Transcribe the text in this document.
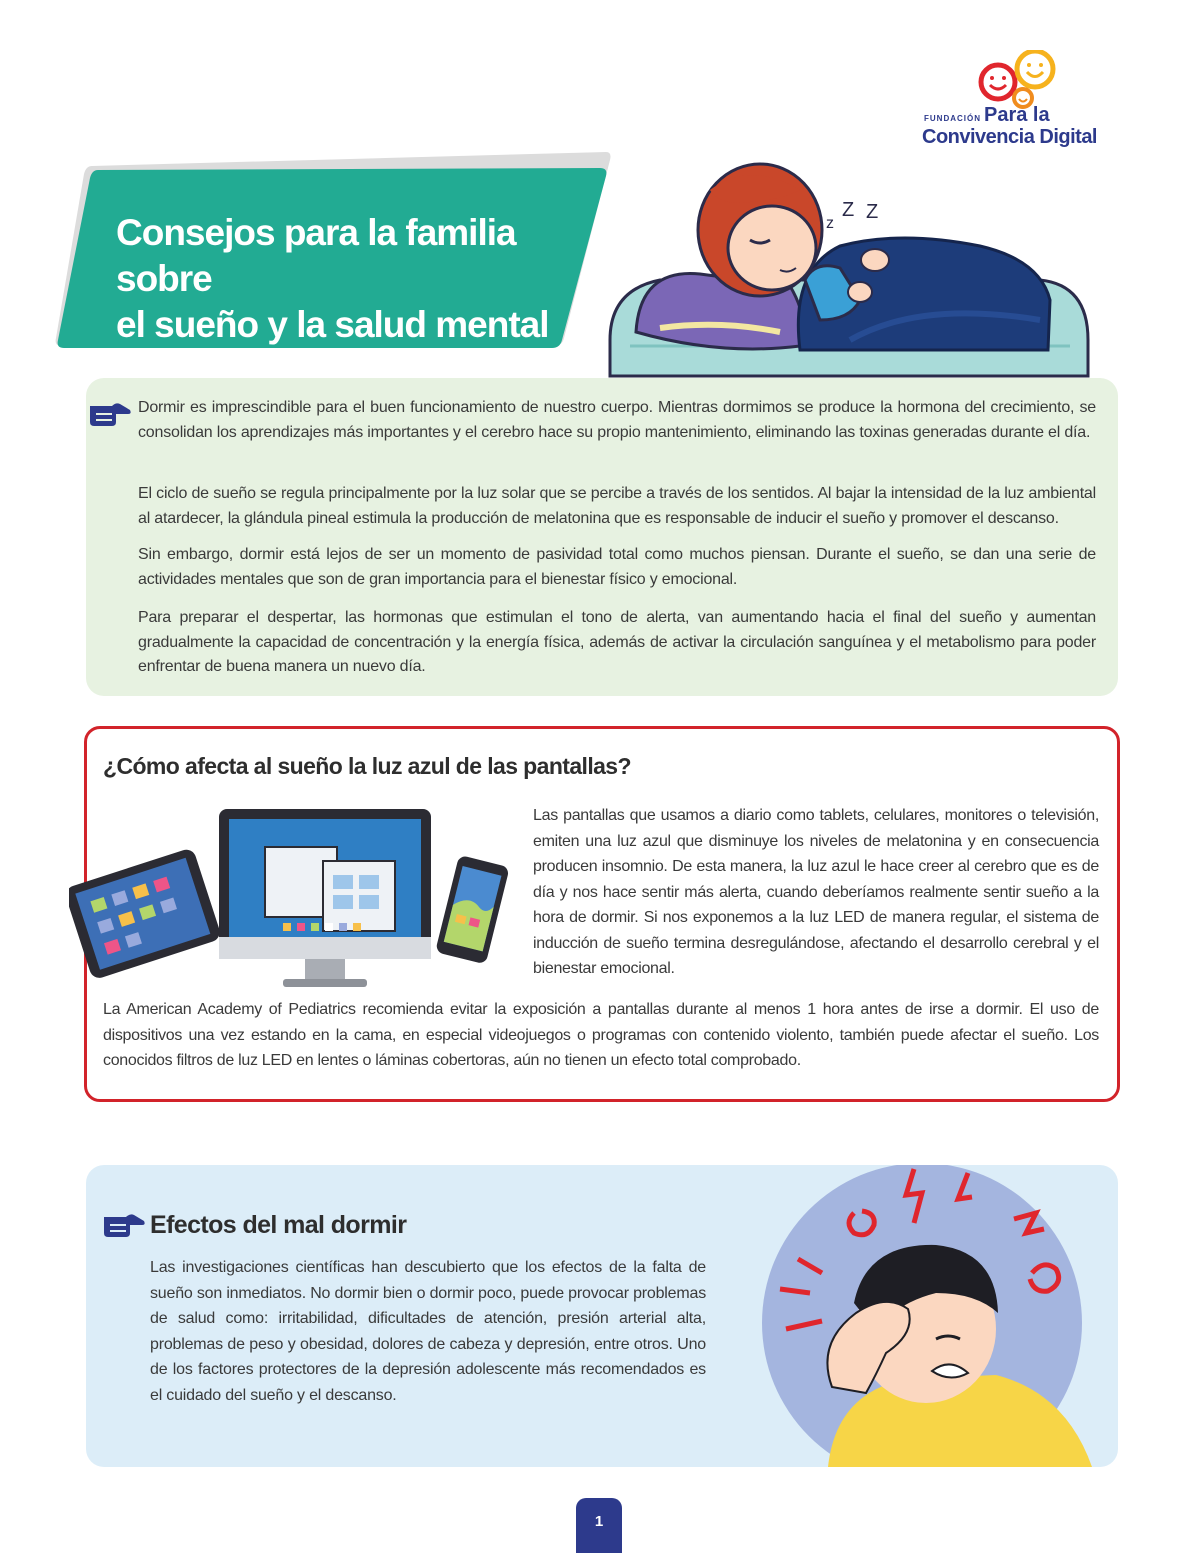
FUNDACIÓN Para la
Convivencia Digital
Consejos para la familia sobre
el sueño y la salud mental
z
Z Z

Dormir es imprescindible para el buen funcionamiento de nuestro cuerpo. Mientras dormimos se produce la hormona del crecimiento, se consolidan los aprendizajes más importantes y el cerebro hace su propio mantenimiento, eliminando las toxinas generadas durante el día.

El ciclo de sueño se regula principalmente por la luz solar que se percibe a través de los sentidos. Al bajar la intensidad de la luz ambiental al atardecer, la glándula pineal estimula la producción de melatonina que es responsable de inducir el sueño y promover el descanso.

Sin embargo, dormir está lejos de ser un momento de pasividad total como muchos piensan. Durante el sueño, se dan una serie de actividades mentales que son de gran importancia para el bienestar físico y emocional.

Para preparar el despertar, las hormonas que estimulan el tono de alerta, van aumentando hacia el final del sueño y aumentan gradualmente la capacidad de concentración y la energía física, además de activar la circulación sanguínea y el metabolismo para poder enfrentar de buena manera un nuevo día.

¿Cómo afecta al sueño la luz azul de las pantallas?

Las pantallas que usamos a diario como tablets, celulares, monitores o televisión, emiten una luz azul que disminuye los niveles de melatonina y en consecuencia producen insomnio. De esta manera, la luz azul le hace creer al cerebro que es de día y nos hace sentir más alerta, cuando deberíamos realmente sentir sueño a la hora de dormir. Si nos exponemos a la luz LED de manera regular, el sistema de inducción de sueño termina desregulándose, afectando el desarrollo cerebral y el bienestar emocional.

La American Academy of Pediatrics recomienda evitar la exposición a pantallas durante al menos 1 hora antes de irse a dormir. El uso de dispositivos una vez estando en la cama, en especial videojuegos o programas con contenido violento, también puede afectar el sueño. Los conocidos filtros de luz LED en lentes o láminas cobertoras, aún no tienen un efecto total comprobado.

Efectos del mal dormir

Las investigaciones científicas han descubierto que los efectos de la falta de sueño son inmediatos. No dormir bien o dormir poco, puede provocar problemas de salud como: irritabilidad, dificultades de atención, presión arterial alta, problemas de peso y obesidad, dolores de cabeza y depresión, entre otros. Uno de los factores protectores de la depresión adolescente más recomendados es el cuidado del sueño y el descanso.

1
